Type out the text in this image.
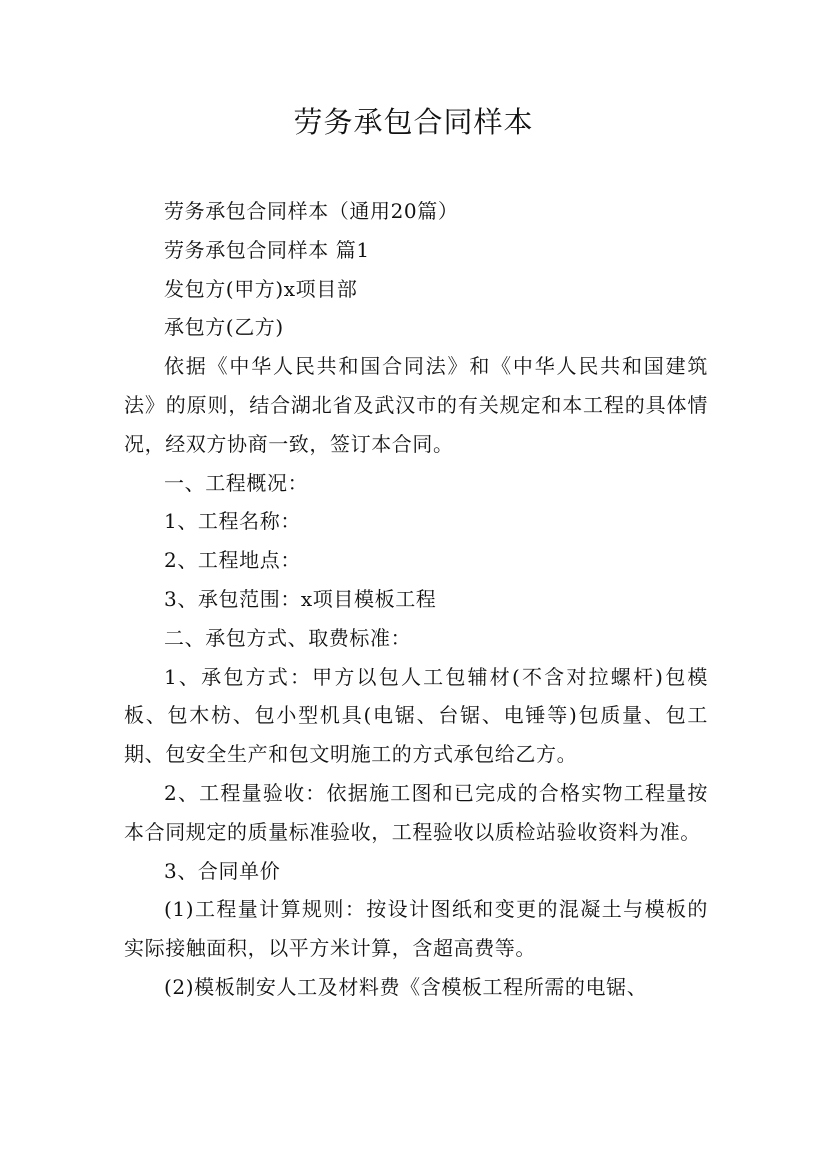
劳务承包合同样本

劳务承包合同样本（通用20篇）

劳务承包合同样本 篇1

发包方(甲方)x项目部

承包方(乙方)

依据《中华人民共和国合同法》和《中华人民共和国建筑法》的原则，结合湖北省及武汉市的有关规定和本工程的具体情况，经双方协商一致，签订本合同。

一、工程概况：

1、工程名称：

2、工程地点：

3、承包范围：x项目模板工程

二、承包方式、取费标准：

1、承包方式：甲方以包人工包辅材(不含对拉螺杆)包模板、包木枋、包小型机具(电锯、台锯、电锤等)包质量、包工期、包安全生产和包文明施工的方式承包给乙方。

2、工程量验收：依据施工图和已完成的合格实物工程量按本合同规定的质量标准验收，工程验收以质检站验收资料为准。

3、合同单价

(1)工程量计算规则：按设计图纸和变更的混凝土与模板的实际接触面积，以平方米计算，含超高费等。

(2)模板制安人工及材料费《含模板工程所需的电锯、
